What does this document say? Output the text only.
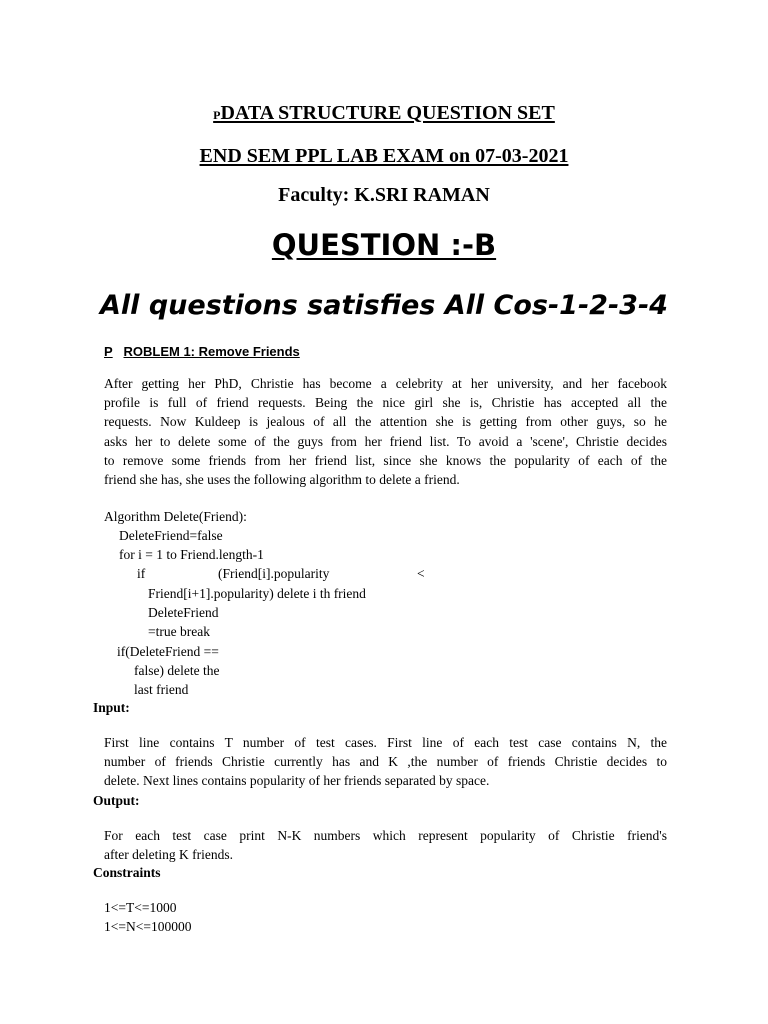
PDATA STRUCTURE QUESTION SET
END SEM PPL LAB EXAM on 07-03-2021
Faculty: K.SRI RAMAN
QUESTION :-B
All questions satisfies All Cos-1-2-3-4
P ROBLEM 1: Remove Friends
After getting her PhD, Christie has become a celebrity at her university, and her facebook
profile is full of friend requests. Being the nice girl she is, Christie has accepted all the
requests. Now Kuldeep is jealous of all the attention she is getting from other guys, so he
asks her to delete some of the guys from her friend list. To avoid a 'scene', Christie decides
to remove some friends from her friend list, since she knows the popularity of each of the
friend she has, she uses the following algorithm to delete a friend.
Algorithm Delete(Friend):
DeleteFriend=false
for i = 1 to Friend.length-1
if	(Friend[i].popularity	<
Friend[i+1].popularity) delete i th friend
DeleteFriend
=true break
if(DeleteFriend ==
false) delete the
last friend
Input:
First line contains T number of test cases. First line of each test case contains N, the
number of friends Christie currently has and K ,the number of friends Christie decides to
delete. Next lines contains popularity of her friends separated by space.
Output:
For each test case print N-K numbers which represent popularity of Christie friend's
after deleting K friends.
Constraints
1<=T<=1000
1<=N<=100000
